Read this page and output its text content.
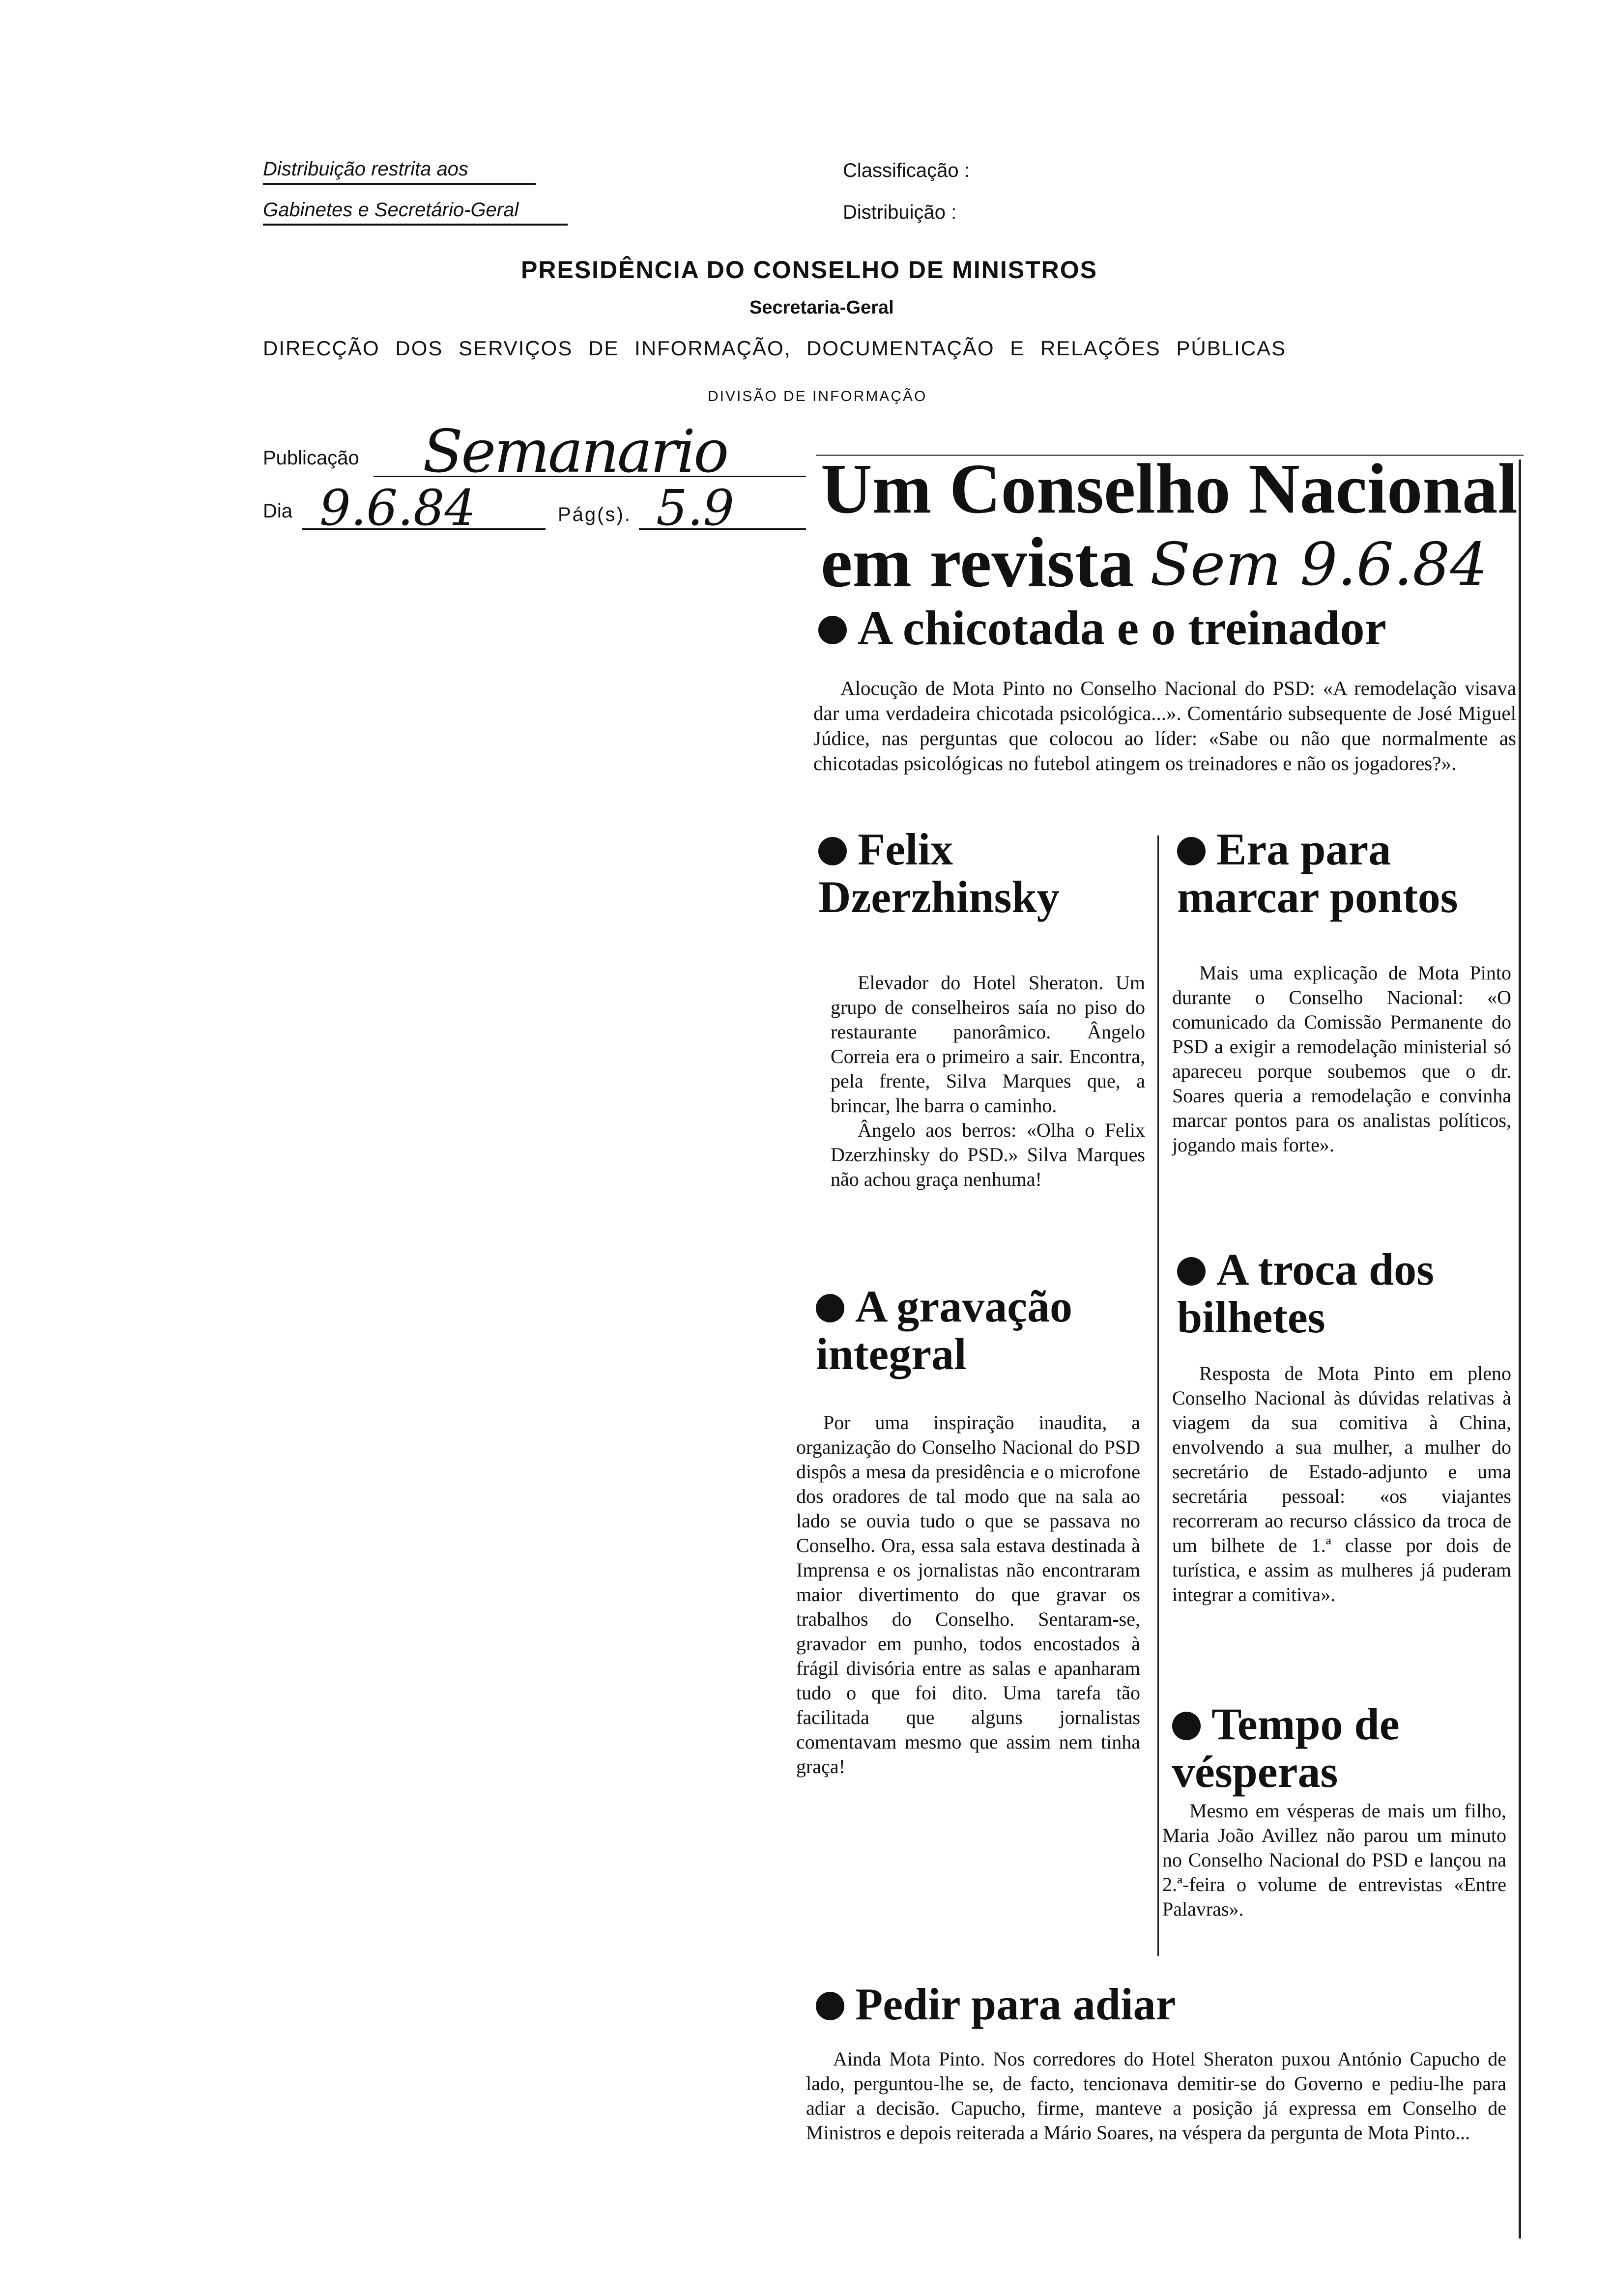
Distribuição restrita aos
Gabinetes e Secretário-Geral
Classificação :
Distribuição :
PRESIDÊNCIA DO CONSELHO DE MINISTROS
Secretaria-Geral
DIRECÇÃO DOS SERVIÇOS DE INFORMAÇÃO, DOCUMENTAÇÃO E RELAÇÕES PÚBLICAS
DIVISÃO DE INFORMAÇÃO
Publicação Semanario
Dia 9.6.84	Pág(s). 5.9 Um Conselho Nacional em revista Sem 9.6.84
A chicotada e o treinador

Alocução de Mota Pinto no Conselho Nacional do PSD: «A remodelação visava dar uma verdadeira chicotada psicológica...». Comentário subsequente de José Miguel Júdice, nas perguntas que colocou ao líder: «Sabe ou não que normalmente as chicotadas psicológicas no futebol atingem os treinadores e não os jogadores?».

Felix Dzerzhinsky

Elevador do Hotel Sheraton. Um grupo de conselheiros saía no piso do restaurante panorâmico. Ângelo Correia era o primeiro a sair. Encontra, pela frente, Silva Marques que, a brincar, lhe barra o caminho.

Ângelo aos berros: «Olha o Felix Dzerzhinsky do PSD.» Silva Marques não achou graça nenhuma!

A gravação integral

Por uma inspiração inaudita, a organização do Conselho Nacional do PSD dispôs a mesa da presidência e o microfone dos oradores de tal modo que na sala ao lado se ouvia tudo o que se passava no Conselho. Ora, essa sala estava destinada à Imprensa e os jornalistas não encontraram maior divertimento do que gravar os trabalhos do Conselho. Sentaram-se, gravador em punho, todos encostados à frágil divisória entre as salas e apanharam tudo o que foi dito. Uma tarefa tão facilitada que alguns jornalistas comentavam mesmo que assim nem tinha graça!

Era para marcar pontos

Mais uma explicação de Mota Pinto durante o Conselho Nacional: «O comunicado da Comissão Permanente do PSD a exigir a remodelação ministerial só apareceu porque soubemos que o dr. Soares queria a remodelação e convinha marcar pontos para os analistas políticos, jogando mais forte».

A troca dos bilhetes

Resposta de Mota Pinto em pleno Conselho Nacional às dúvidas relativas à viagem da sua comitiva à China, envolvendo a sua mulher, a mulher do secretário de Estado-adjunto e uma secretária pessoal: «os viajantes recorreram ao recurso clássico da troca de um bilhete de 1.ª classe por dois de turística, e assim as mulheres já puderam integrar a comitiva».

Tempo de vésperas

Mesmo em vésperas de mais um filho, Maria João Avillez não parou um minuto no Conselho Nacional do PSD e lançou na 2.ª-feira o volume de entrevistas «Entre Palavras».

Pedir para adiar

Ainda Mota Pinto. Nos corredores do Hotel Sheraton puxou António Capucho de lado, perguntou-lhe se, de facto, tencionava demitir-se do Governo e pediu-lhe para adiar a decisão. Capucho, firme, manteve a posição já expressa em Conselho de Ministros e depois reiterada a Mário Soares, na véspera da pergunta de Mota Pinto...
